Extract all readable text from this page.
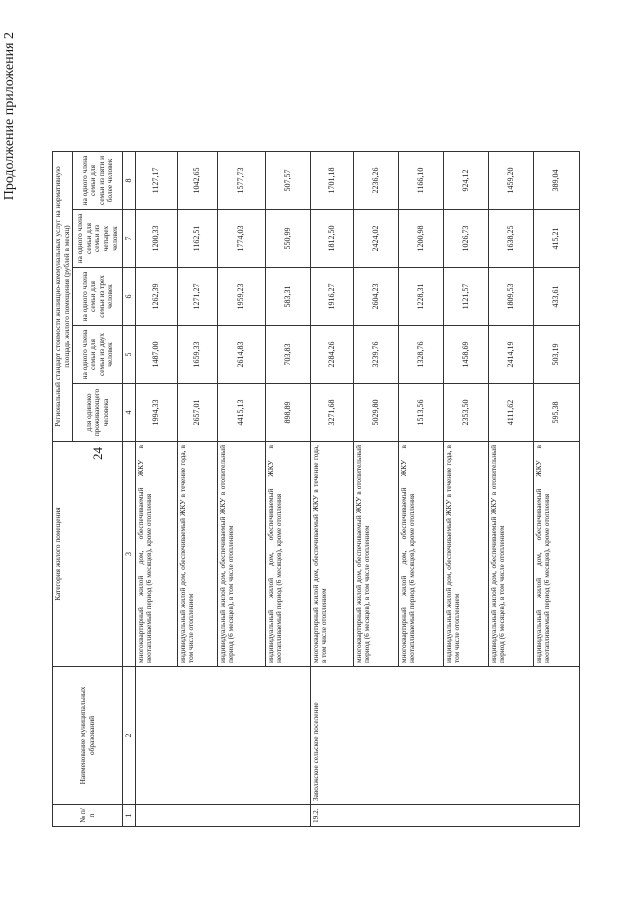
24
Продолжение приложения 2
№ п/п	Наименование муниципальных образований	Категория жилого помещения	Региональный стандарт стоимости жилищно-коммунальных услуг на нормативную площадь жилого помещения (рублей в месяц)				
			для одиноко проживающего человека	на одного члена семьи для семьи из двух человек	на одного члена семьи для семьи из трех человек	на одного члена семьи для семьи из четырех человек	на одного члена семьи для семьи из пяти и более человек

1	2	3	4	5	6	7	8
		многоквартирный жилой дом, обеспечиваемый ЖКУ в неотапливаемый период (6 месяцев), кроме отопления	1994,33	1487,00	1262,39	1200,33	1127,17
		индивидуальный жилой дом, обеспечиваемый ЖКУ в течение года, в том числе отоплением	2657,01	1659,33	1271,27	1162,51	1042,65
		индивидуальный жилой дом, обеспечиваемый ЖКУ в отопительный период (6 месяцев), в том числе отоплением	4415,13	2614,83	1959,23	1774,03	1577,73
		индивидуальный жилой дом, обеспечиваемый ЖКУ в неотапливаемый период (6 месяцев), кроме отопления	898,89	703,83	583,31	550,99	507,57
19.2.	Заволжское сельское поселение	многоквартирный жилой дом, обеспечиваемый ЖКУ в течение года, в том числе отоплением	3271,68	2284,26	1916,27	1812,50	1701,18
		многоквартирный жилой дом, обеспечиваемый ЖКУ в отопительный период (6 месяцев), в том числе отоплением	5029,80	3239,76	2604,23	2424,02	2236,26
		многоквартирный жилой дом, обеспечиваемый ЖКУ в неотапливаемый период (6 месяцев), кроме отопления	1513,56	1328,76	1228,31	1200,98	1166,10
		индивидуальный жилой дом, обеспечиваемый ЖКУ в течение года, в том числе отоплением	2353,50	1458,69	1121,57	1026,73	924,12
		индивидуальный жилой дом, обеспечиваемый ЖКУ в отопительный период (6 месяцев), в том числе отоплением	4111,62	2414,19	1809,53	1638,25	1459,20
		индивидуальный жилой дом, обеспечиваемый ЖКУ в неотапливаемый период (6 месяцев), кроме отопления	595,38	503,19	433,61	415,21	389,04
